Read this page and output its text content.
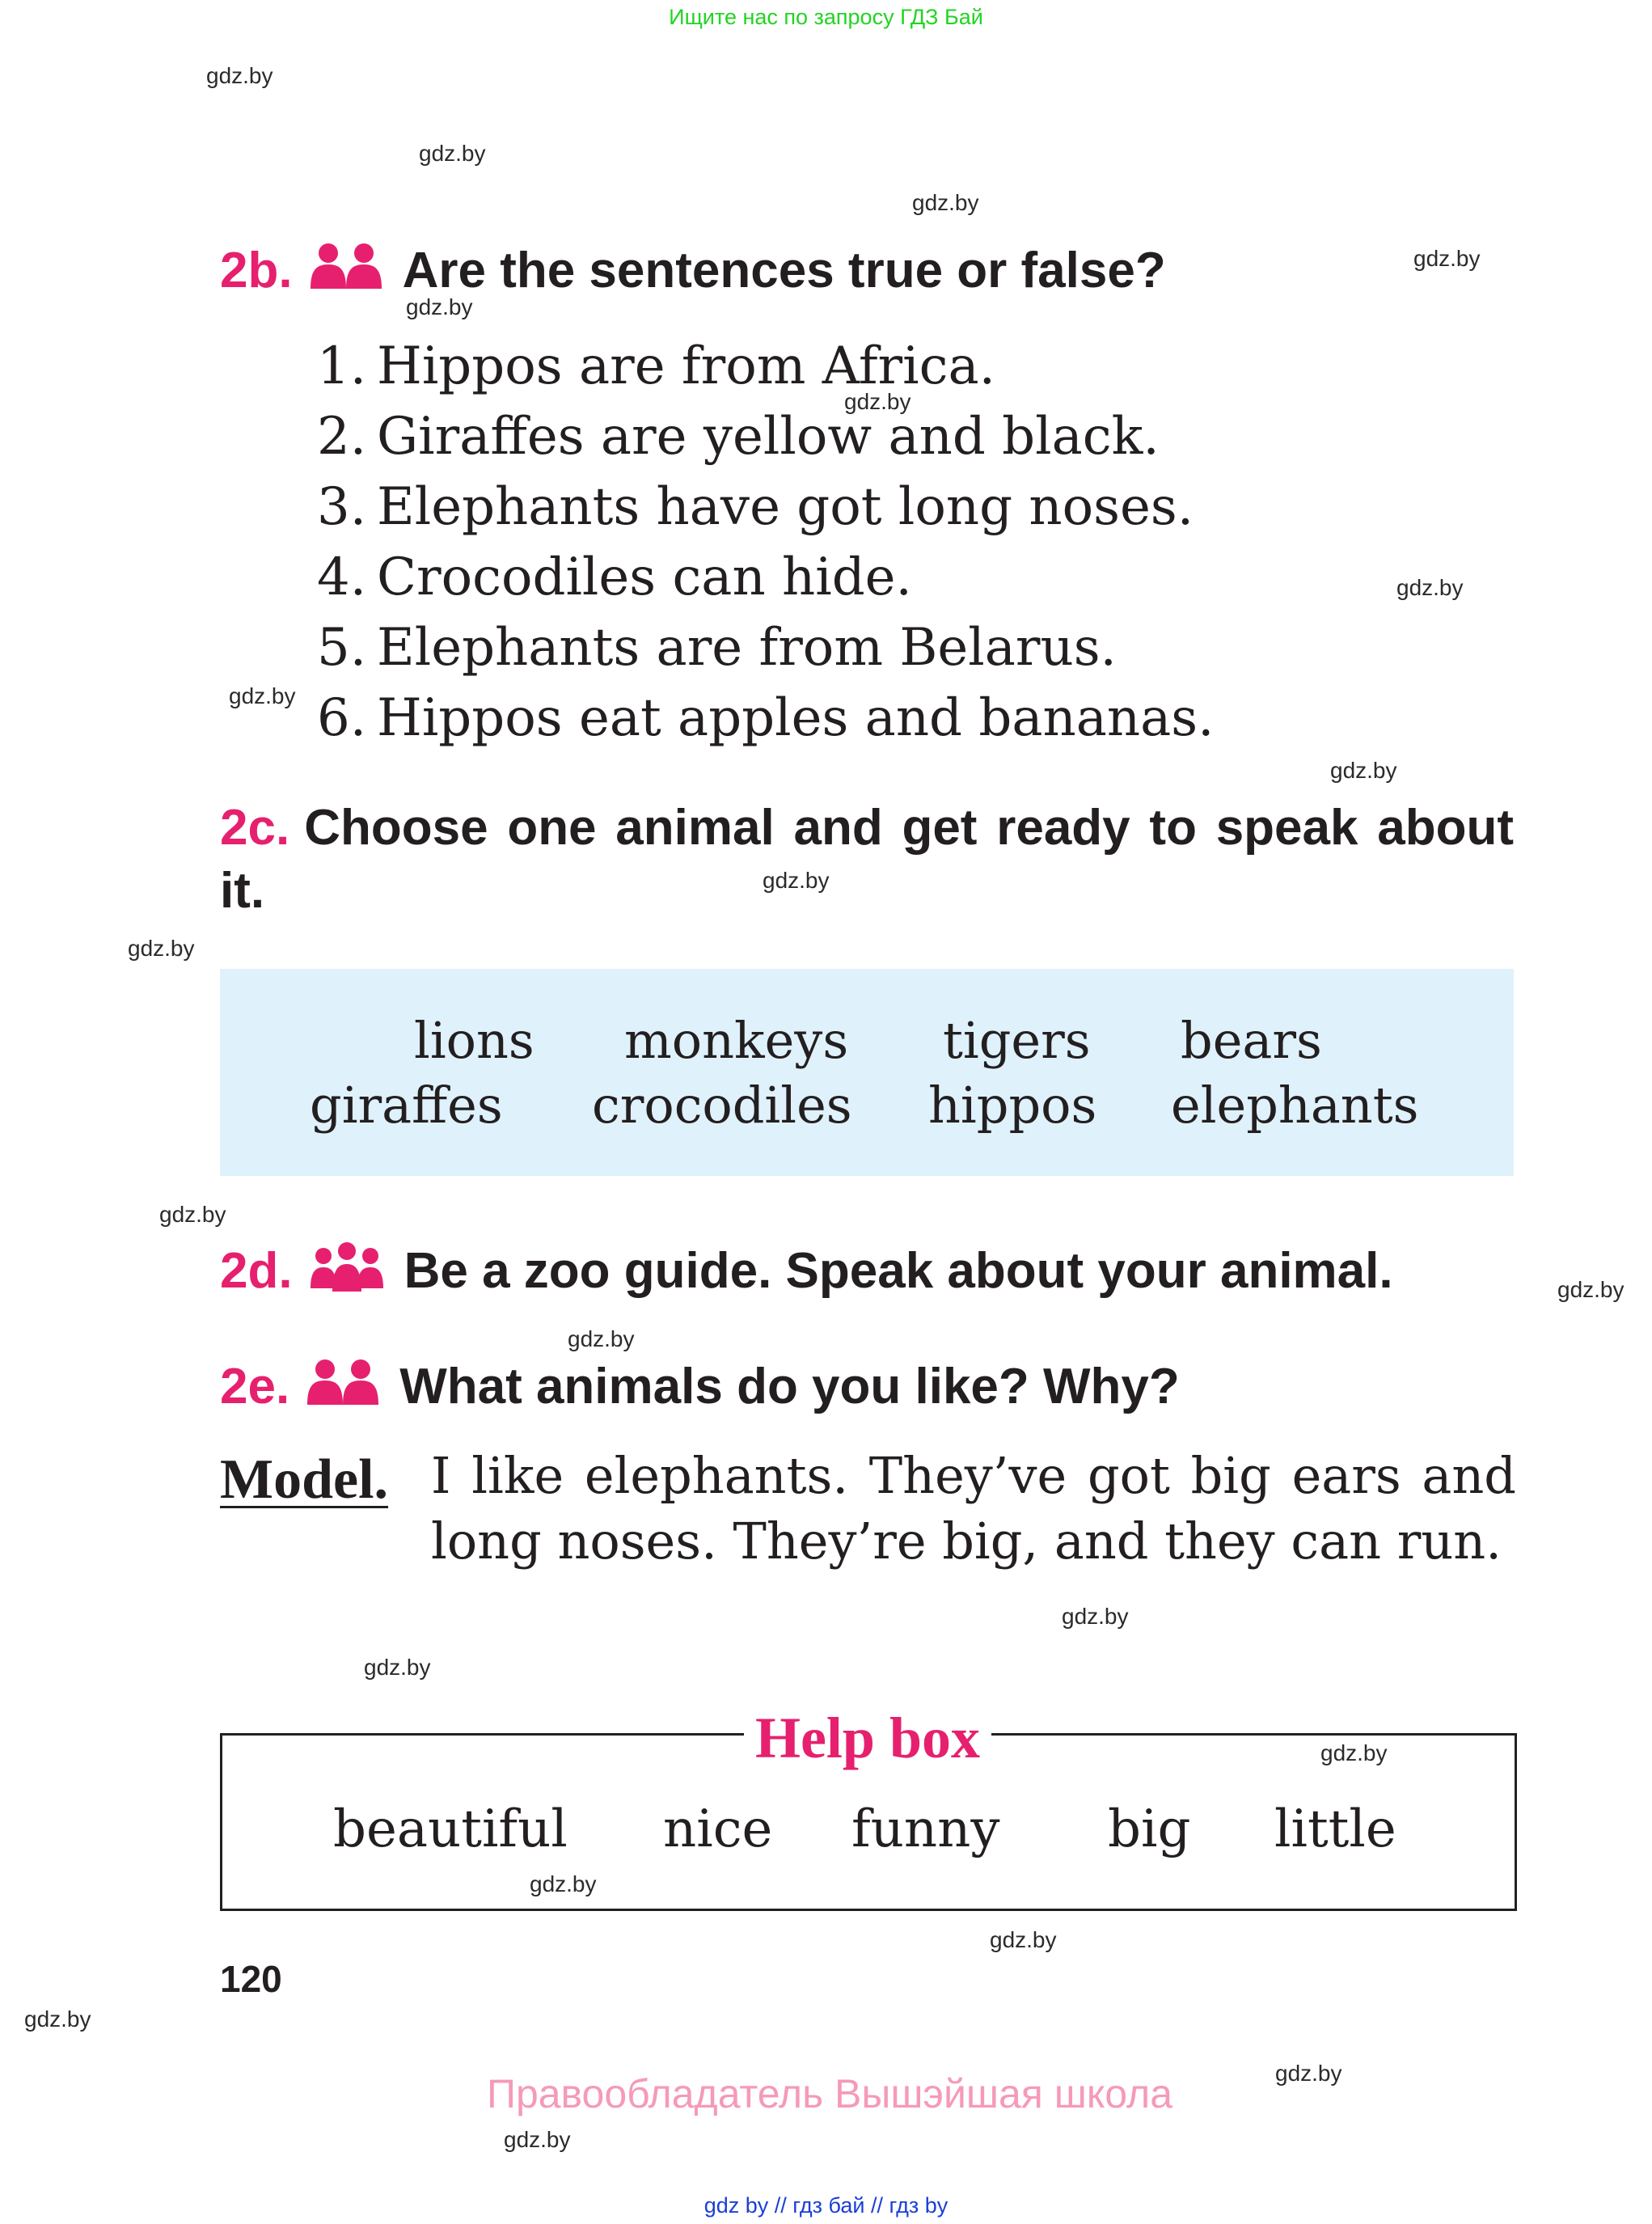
Ищите нас по запросу ГДЗ Бай
gdz.by
gdz.by
gdz.by
gdz.by
gdz.by
gdz.by
gdz.by
gdz.by
gdz.by
gdz.by
gdz.by
gdz.by
gdz.by
gdz.by
gdz.by
gdz.by
gdz.by
gdz.by
gdz.by
gdz.by
gdz.by
gdz.by
2b. Are the sentences true or false?
1. Hippos are from Africa.
2. Giraffes are yellow and black.
3. Elephants have got long noses.
4. Crocodiles can hide.
5. Elephants are from Belarus.
6. Hippos eat apples and bananas.
2c. Choose one animal and get ready to speak about it.
lions monkeys tigers bears
giraffes crocodiles hippos elephants
2d. Be a zoo guide. Speak about your animal.
2e. What animals do you like? Why?
Model. I like elephants. They’ve got big ears and long noses. They’re big, and they can run.
Help box
beautiful nice funny big little
120
Правообладатель Вышэйшая школа
gdz by // гдз бай // гдз by
